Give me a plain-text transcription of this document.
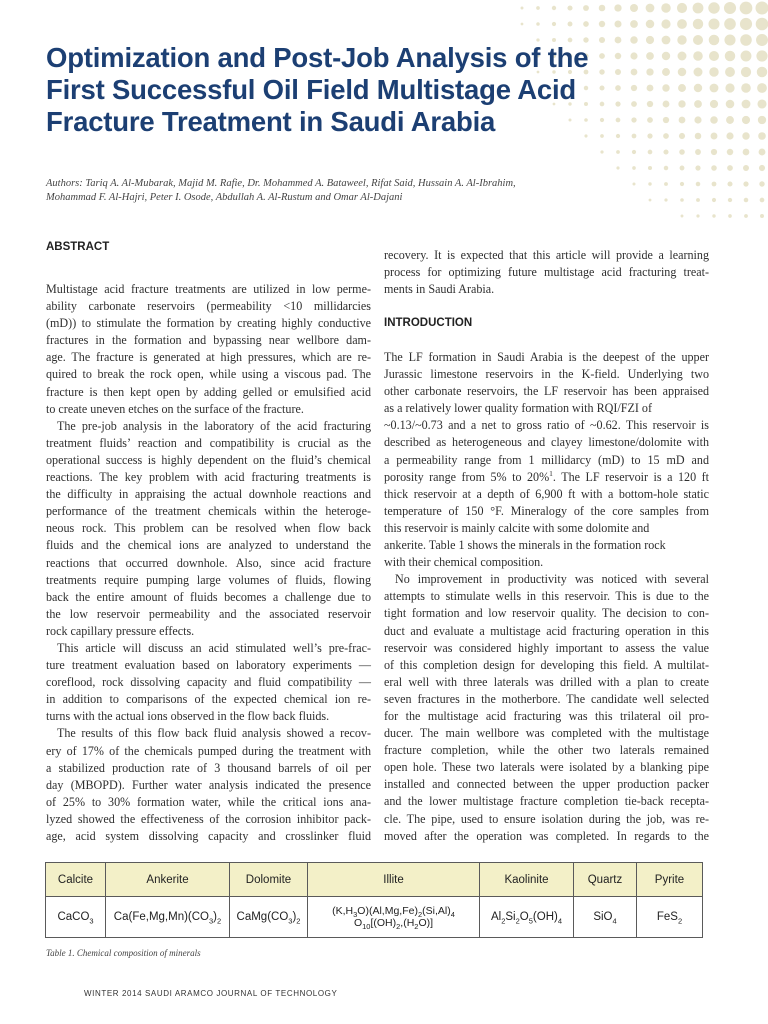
Optimization and Post-Job Analysis of the
First Successful Oil Field Multistage Acid
Fracture Treatment in Saudi Arabia

Authors: Tariq A. Al-Mubarak, Majid M. Rafie, Dr. Mohammed A. Bataweel, Rifat Said, Hussain A. Al-Ibrahim,
Mohammad F. Al-Hajri, Peter I. Osode, Abdullah A. Al-Rustum and Omar Al-Dajani

ABSTRACT
Multistage acid fracture treatments are utilized in low perme-
ability carbonate reservoirs (permeability <10 millidarcies
(mD)) to stimulate the formation by creating highly conductive
fractures in the formation and bypassing near wellbore dam-
age. The fracture is generated at high pressures, which are re-
quired to break the rock open, while using a viscous pad. The
fracture is then kept open by adding gelled or emulsified acid
to create uneven etches on the surface of the fracture.
The pre-job analysis in the laboratory of the acid fracturing
treatment fluids’ reaction and compatibility is crucial as the
operational success is highly dependent on the fluid’s chemical
reactions. The key problem with acid fracturing treatments is
the difficulty in appraising the actual downhole reactions and
performance of the treatment chemicals within the heteroge-
neous rock. This problem can be resolved when flow back
fluids and the chemical ions are analyzed to understand the
reactions that occurred downhole. Also, since acid fracture
treatments require pumping large volumes of fluids, flowing
back the entire amount of fluids becomes a challenge due to
the low reservoir permeability and the associated reservoir
rock capillary pressure effects.
This article will discuss an acid stimulated well’s pre-frac-
ture treatment evaluation based on laboratory experiments —
coreflood, rock dissolving capacity and fluid compatibility —
in addition to comparisons of the expected chemical ion re-
turns with the actual ions observed in the flow back fluids.
The results of this flow back fluid analysis showed a recov-
ery of 17% of the chemicals pumped during the treatment with
a stabilized production rate of 3 thousand barrels of oil per
day (MBOPD). Further water analysis indicated the presence
of 25% to 30% formation water, while the critical ions ana-
lyzed showed the effectiveness of the corrosion inhibitor pack-
age, acid system dissolving capacity and crosslinker fluid
recovery. It is expected that this article will provide a learning
process for optimizing future multistage acid fracturing treat-
ments in Saudi Arabia.
INTRODUCTION
The LF formation in Saudi Arabia is the deepest of the upper
Jurassic limestone reservoirs in the K-field. Underlying two
other carbonate reservoirs, the LF reservoir has been appraised
as a relatively lower quality formation with RQI/FZI of
~0.13/~0.73 and a net to gross ratio of ~0.62. This reservoir is
described as heterogeneous and clayey limestone/dolomite with
a permeability range from 1 millidarcy (mD) to 15 mD and
porosity range from 5% to 20%$^1$. The LF reservoir is a 120 ft
thick reservoir at a depth of 6,900 ft with a bottom-hole static
temperature of 150 °F. Mineralogy of the core samples from
this reservoir is mainly calcite with some dolomite and
ankerite. Table 1 shows the minerals in the formation rock
with their chemical composition.
No improvement in productivity was noticed with several
attempts to stimulate wells in this reservoir. This is due to the
tight formation and low reservoir quality. The decision to con-
duct and evaluate a multistage acid fracturing operation in this
reservoir was considered highly important to assess the value
of this completion design for developing this field. A multilat-
eral well with three laterals was drilled with a plan to create
seven fractures in the motherbore. The candidate well selected
for the multistage acid fracturing was this trilateral oil pro-
ducer. The main wellbore was completed with the multistage
fracture completion, while the other two laterals remained
open hole. These two laterals were isolated by a blanking pipe
installed and connected between the upper production packer
and the lower multistage fracture completion tie-back recepta-
cle. The pipe, used to ensure isolation during the job, was re-
moved after the operation was completed. In regards to the
Calcite	Ankerite	Dolomite	Illite	Kaolinite	Quartz	Pyrite
CaCO$_3$	$Ca(Fe,Mg,Mn)(CO_3)_2$	$CaMg(CO_3)_2$	$(K,H_3O)(Al,Mg,Fe)_2(Si,Al)_4$
$O_{10}[(OH)_2,(H_2O)]$	$Al_2Si_2O_5(OH)_4$	SiO$_4$	FeS$_2$

Table 1. Chemical composition of minerals

WINTER 2014 SAUDI ARAMCO JOURNAL OF TECHNOLOGY
